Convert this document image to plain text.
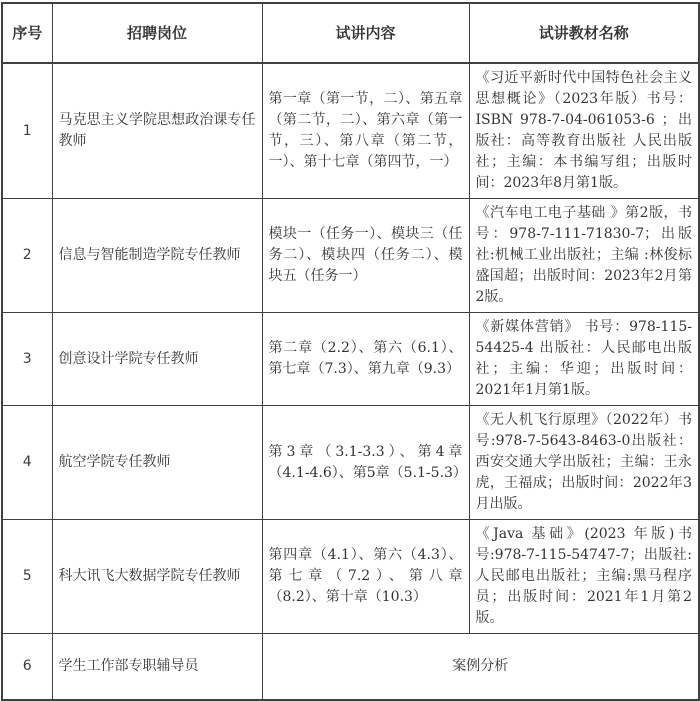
序号	招聘岗位	试讲内容	试讲教材名称
1	马克思主义学院思想政治课专任教师	第一章（第一节，二）、第五章（第二节，二）、第六章（第一节，三）、第八章（第二节，一）、第十七章（第四节，一）	《习近平新时代中国特色社会主义思想概论》（2023年版）书号：ISBN 978-7-04-061053-6 ；出版社：高等教育出版社 人民出版社；主编：本书编写组；出版时间：2023年8月第1版。
2	信息与智能制造学院专任教师	模块一（任务一）、模块三（任务二）、模块四（任务二）、模块五（任务一）	《汽车电工电子基础 》第2版，书号：978-7-111-71830-7；出版社:机械工业出版社；主编 :林俊标 盛国超；出版时间：2023年2月第2版。
3	创意设计学院专任教师	第二章（2.2）、第六（6.1）、第七章（7.3）、第九章（9.3）	《新媒体营销》 书号：978-115-54425-4 出版社：人民邮电出版社；主编：华迎；出版时间：2021年1月第1版。
4	航空学院专任教师	第3章（3.1-3.3）、第4章（4.1-4.6）、第5章（5.1-5.3）	《无人机飞行原理》（2022年）书号:978-7-5643-8463-0出版社：西安交通大学出版社；主编：王永虎，王福成；出版时间：2022年3月出版。
5	科大讯飞大数据学院专任教师	第四章（4.1）、第六（4.3）、第七章（7.2）、第八章（8.2）、第十章（10.3）	《Java 基础》(2023 年版)书号:978-7-115-54747-7；出版社:人民邮电出版社；主编:黑马程序员；出版时间：2021年1月第2版。
6	学生工作部专职辅导员	案例分析	
